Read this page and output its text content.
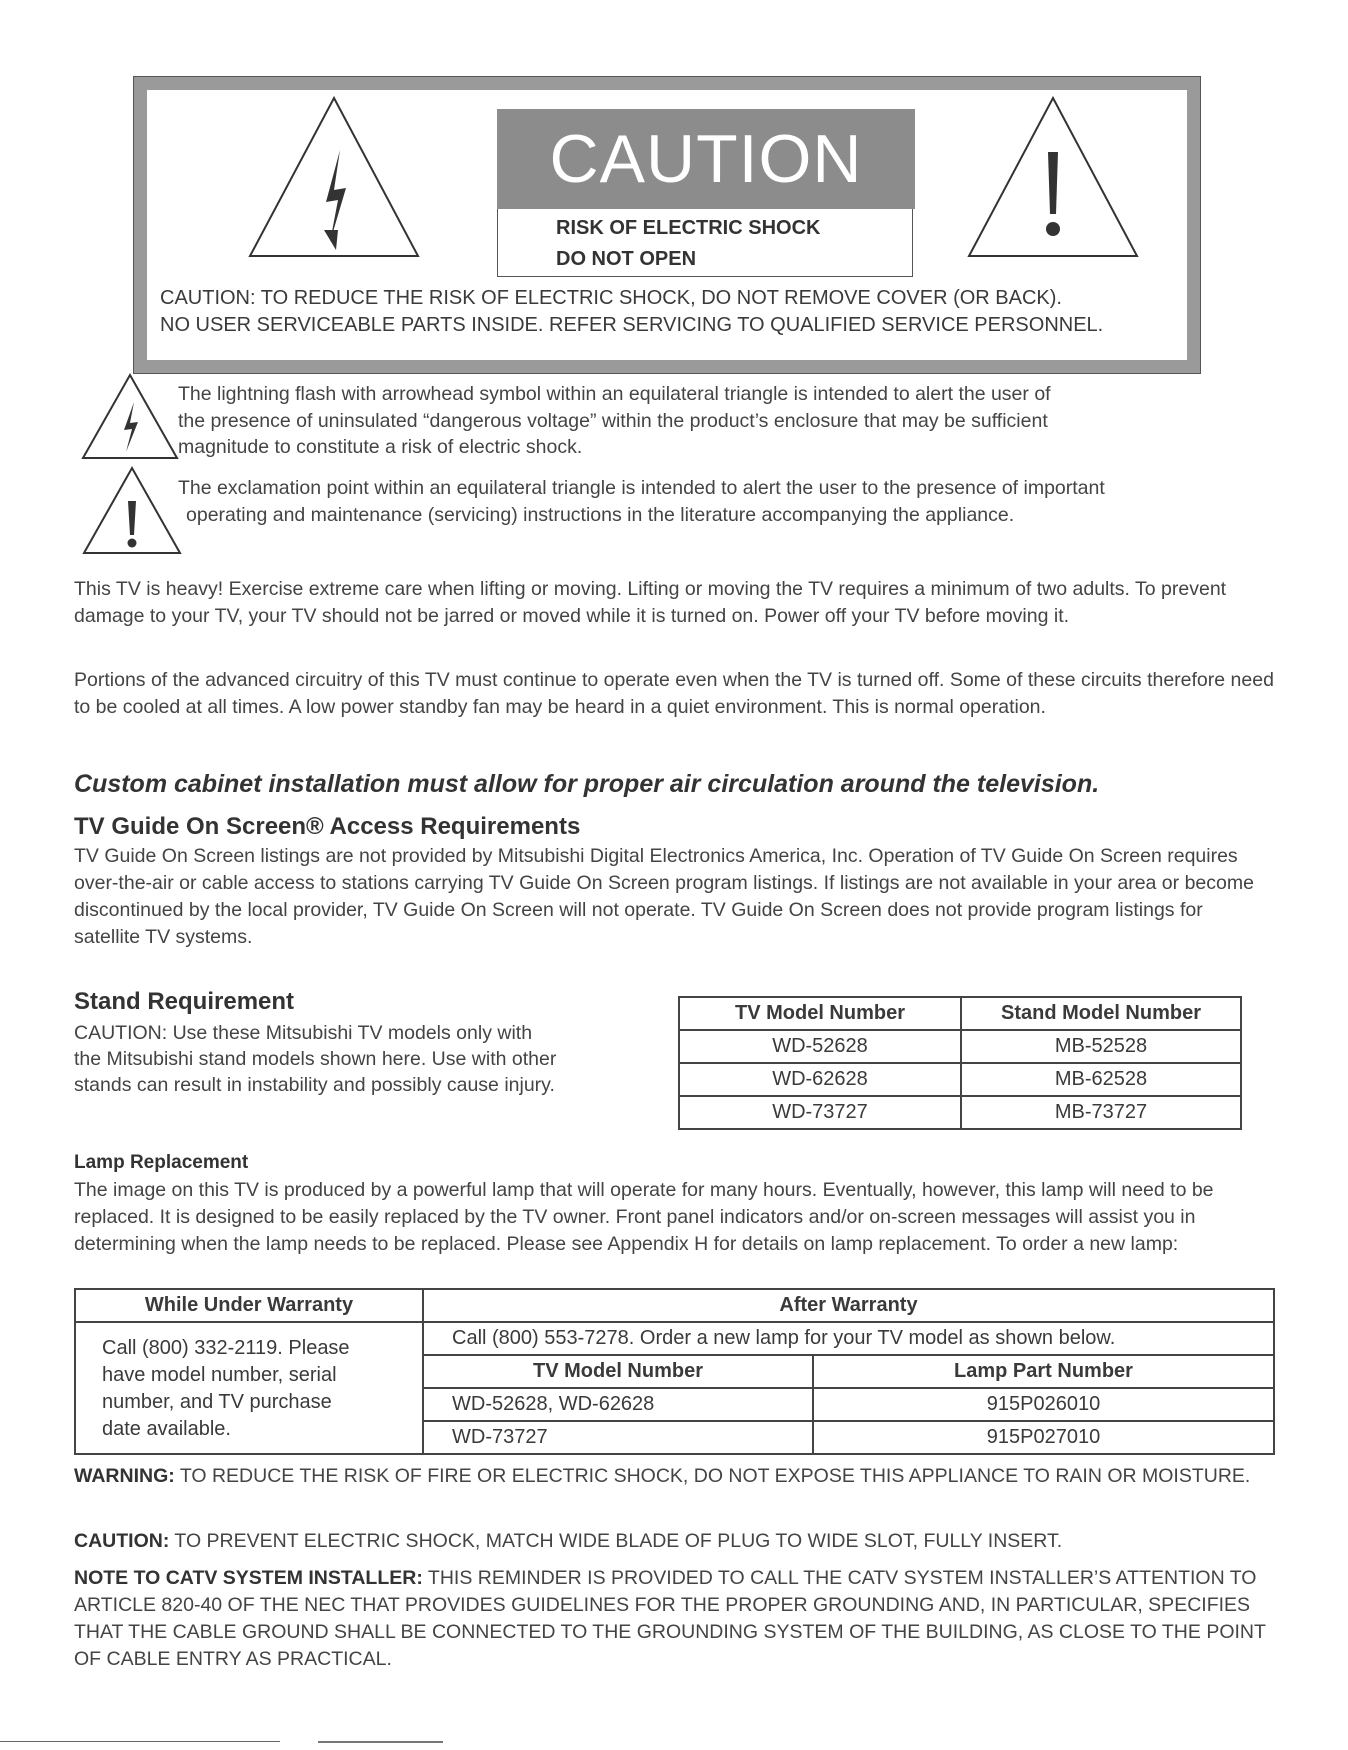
CAUTION
RISK OF ELECTRIC SHOCK
DO NOT OPEN
CAUTION: TO REDUCE THE RISK OF ELECTRIC SHOCK, DO NOT REMOVE COVER (OR BACK).
NO USER SERVICEABLE PARTS INSIDE. REFER SERVICING TO QUALIFIED SERVICE PERSONNEL.
The lightning flash with arrowhead symbol within an equilateral triangle is intended to alert the user of
the presence of uninsulated “dangerous voltage” within the product’s enclosure that may be sufficient
magnitude to constitute a risk of electric shock.
The exclamation point within an equilateral triangle is intended to alert the user to the presence of important
operating and maintenance (servicing) instructions in the literature accompanying the appliance.
This TV is heavy! Exercise extreme care when lifting or moving. Lifting or moving the TV requires a minimum of two adults. To prevent damage to your TV, your TV should not be jarred or moved while it is turned on. Power off your TV before moving it.
Portions of the advanced circuitry of this TV must continue to operate even when the TV is turned off. Some of these circuits therefore need to be cooled at all times. A low power standby fan may be heard in a quiet environment. This is normal operation.
Custom cabinet installation must allow for proper air circulation around the television.
TV Guide On Screen® Access Requirements
TV Guide On Screen listings are not provided by Mitsubishi Digital Electronics America, Inc. Operation of TV Guide On Screen requires over-the-air or cable access to stations carrying TV Guide On Screen program listings. If listings are not available in your area or become discontinued by the local provider, TV Guide On Screen will not operate. TV Guide On Screen does not provide program listings for satellite TV systems.
Stand Requirement
CAUTION: Use these Mitsubishi TV models only with
the Mitsubishi stand models shown here. Use with other
stands can result in instability and possibly cause injury.
TV Model Number	Stand Model Number
WD-52628	MB-52528
WD-62628	MB-62528
WD-73727	MB-73727
Lamp Replacement
The image on this TV is produced by a powerful lamp that will operate for many hours. Eventually, however, this lamp will need to be replaced. It is designed to be easily replaced by the TV owner. Front panel indicators and/or on-screen messages will assist you in determining when the lamp needs to be replaced. Please see Appendix H for details on lamp replacement. To order a new lamp:
While Under Warranty	After Warranty	

Call (800) 332-2119. Please
have model number, serial
number, and TV purchase
date available.	Call (800) 553-7278. Order a new lamp for your TV model as shown below.	
	TV Model Number	Lamp Part Number
	WD-52628, WD-62628	915P026010
	WD-73727	915P027010
WARNING: TO REDUCE THE RISK OF FIRE OR ELECTRIC SHOCK, DO NOT EXPOSE THIS APPLIANCE TO RAIN OR MOISTURE.
CAUTION: TO PREVENT ELECTRIC SHOCK, MATCH WIDE BLADE OF PLUG TO WIDE SLOT, FULLY INSERT.
NOTE TO CATV SYSTEM INSTALLER: THIS REMINDER IS PROVIDED TO CALL THE CATV SYSTEM INSTALLER’S ATTENTION TO ARTICLE 820-40 OF THE NEC THAT PROVIDES GUIDELINES FOR THE PROPER GROUNDING AND, IN PARTICULAR, SPECIFIES THAT THE CABLE GROUND SHALL BE CONNECTED TO THE GROUNDING SYSTEM OF THE BUILDING, AS CLOSE TO THE POINT OF CABLE ENTRY AS PRACTICAL.
